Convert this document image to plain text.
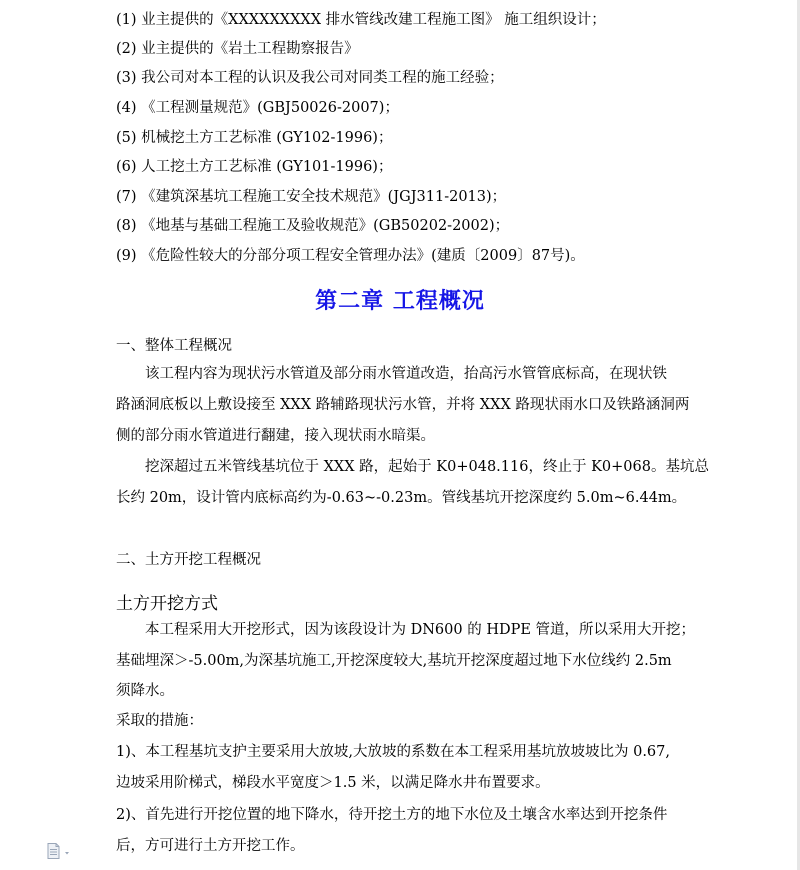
(1) 业主提供的《XXXXXXXXX 排水管线改建工程施工图》 施工组织设计；
(2) 业主提供的《岩土工程勘察报告》
(3) 我公司对本工程的认识及我公司对同类工程的施工经验；
(4) 《工程测量规范》(GBJ50026-2007)；
(5) 机械挖土方工艺标准 (GY102-1996)；
(6) 人工挖土方工艺标准 (GY101-1996)；
(7) 《建筑深基坑工程施工安全技术规范》(JGJ311-2013)；
(8) 《地基与基础工程施工及验收规范》(GB50202-2002)；
(9) 《危险性较大的分部分项工程安全管理办法》(建质〔2009〕87号)。
第二章 工程概况
一、整体工程概况
　　该工程内容为现状污水管道及部分雨水管道改造，抬高污水管管底标高，在现状铁
路涵洞底板以上敷设接至 XXX 路辅路现状污水管，并将 XXX 路现状雨水口及铁路涵洞两
侧的部分雨水管道进行翻建，接入现状雨水暗渠。
　　挖深超过五米管线基坑位于 XXX 路，起始于 K0+048.116，终止于 K0+068。基坑总
长约 20m，设计管内底标高约为-0.63~-0.23m。管线基坑开挖深度约 5.0m~6.44m。
二、土方开挖工程概况
土方开挖方式
　　本工程采用大开挖形式，因为该段设计为 DN600 的 HDPE 管道，所以采用大开挖；
基础埋深＞-5.00m,为深基坑施工,开挖深度较大,基坑开挖深度超过地下水位线约 2.5m
须降水。
采取的措施：
1)、本工程基坑支护主要采用大放坡,大放坡的系数在本工程采用基坑放坡坡比为 0.67,
边坡采用阶梯式，梯段水平宽度＞1.5 米，以满足降水井布置要求。
2)、首先进行开挖位置的地下降水，待开挖土方的地下水位及土壤含水率达到开挖条件
后，方可进行土方开挖工作。
